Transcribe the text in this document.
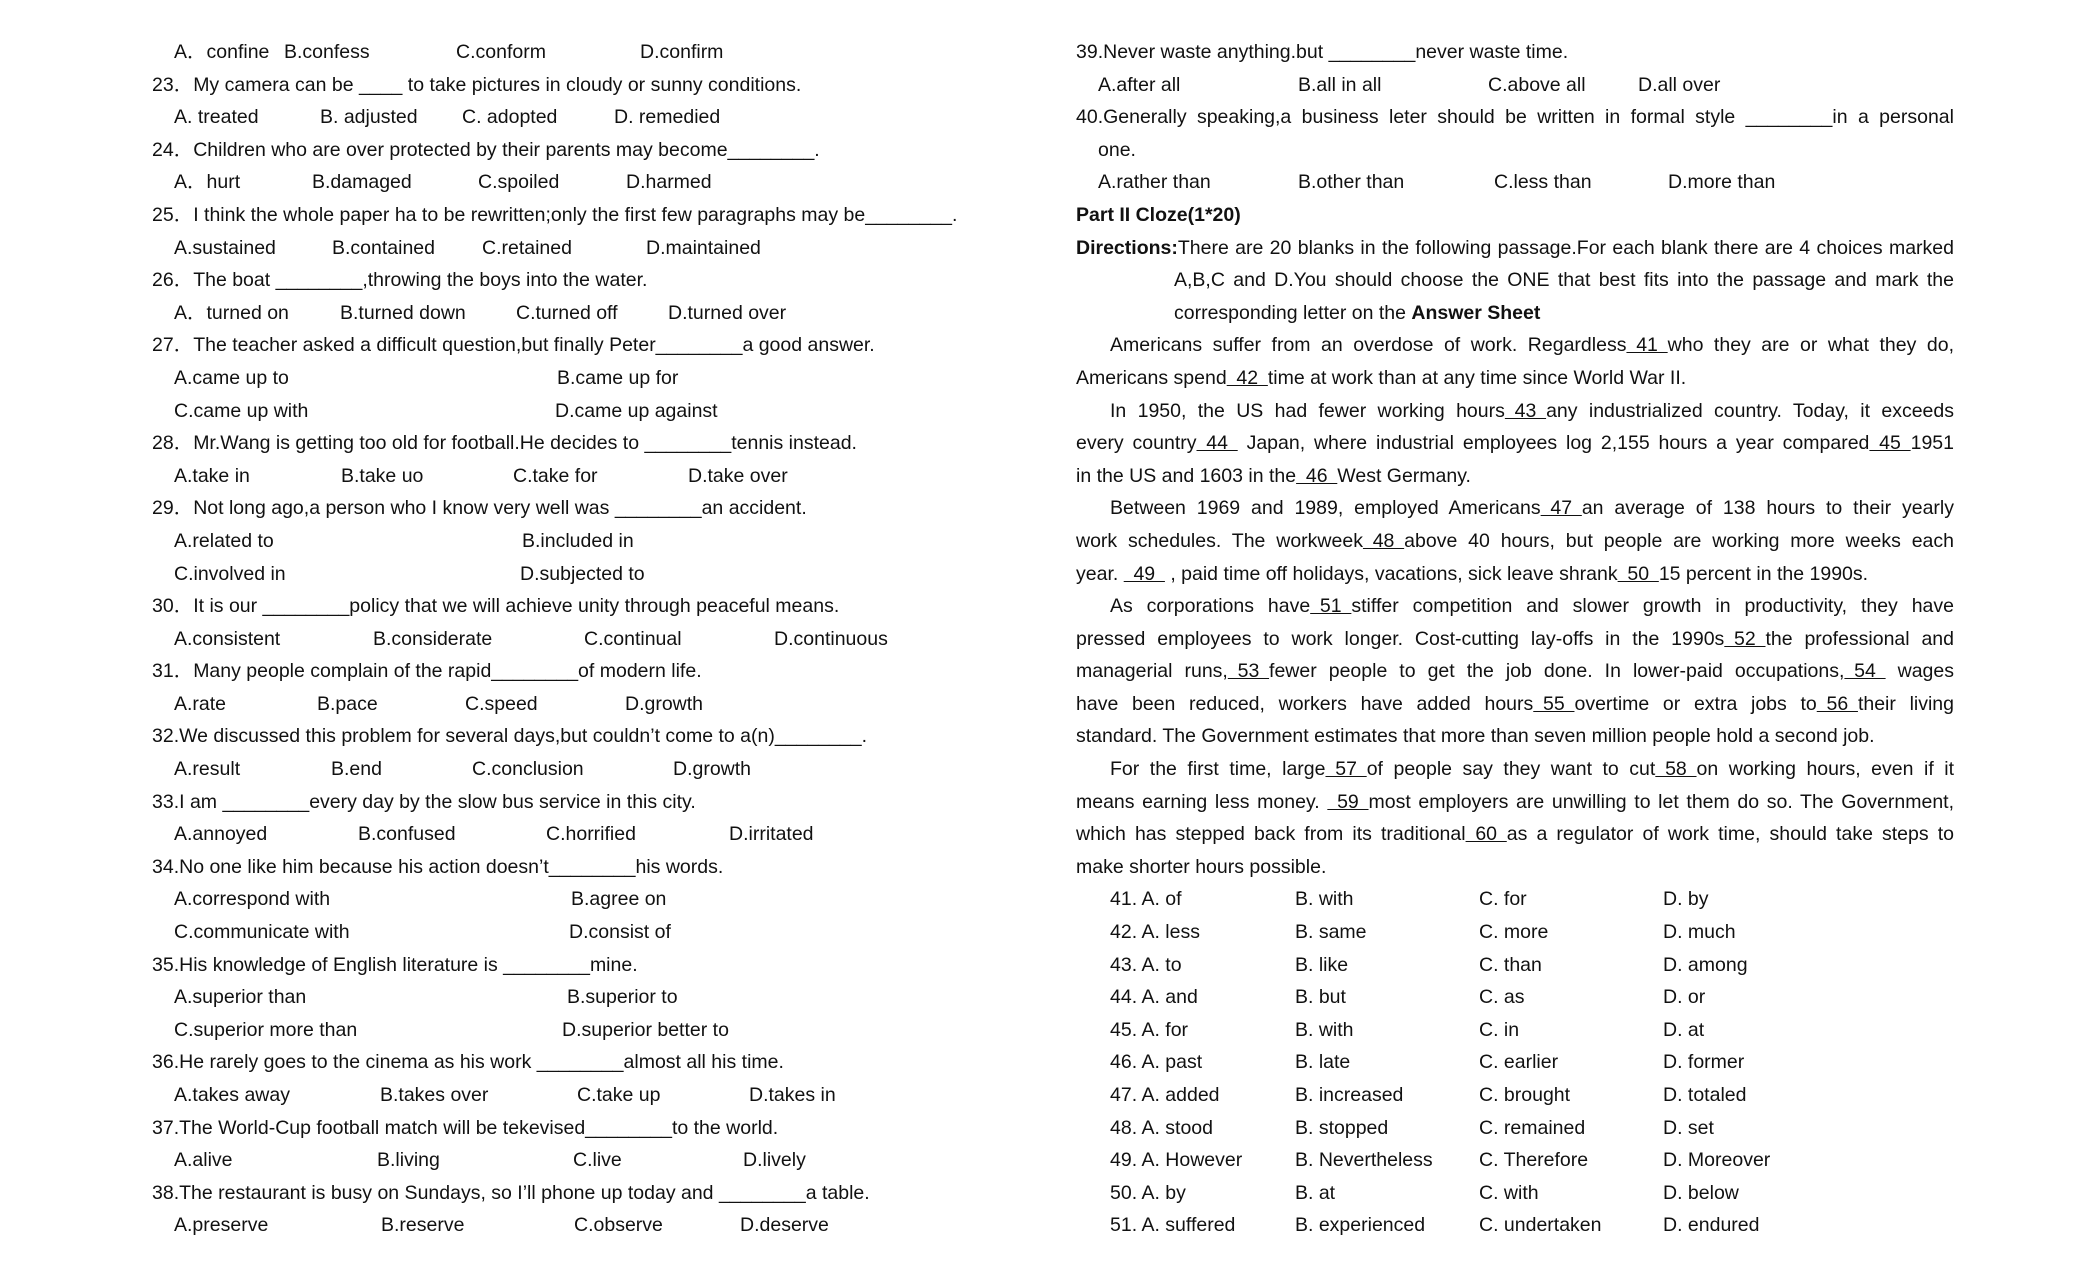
A．confine B.confess	C.conform	D.confirm
23．My camera can be ____ to take pictures in cloudy or sunny conditions.
A. treated	B. adjusted C. adopted	D. remedied
24．Children who are over protected by their parents may become________.
A．hurt	B.damaged	C.spoiled	D.harmed
25．I think the whole paper ha to be rewritten;only the first few paragraphs may be________.
A.sustained	B.contained C.retained	D.maintained
26．The boat ________,throwing the boys into the water.
A．turned on	B.turned down	C.turned off	D.turned over
27．The teacher asked a difficult question,but finally Peter________a good answer.
A.came up to	B.came up for
C.came up with	D.came up against
28．Mr.Wang is getting too old for football.He decides to ________tennis instead.
A.take in	B.take uo	C.take for	D.take over
29．Not long ago,a person who I know very well was ________an accident.
A.related to	B.included in
C.involved in	D.subjected to
30．It is our ________policy that we will achieve unity through peaceful means.
A.consistent	B.considerate	C.continual	D.continuous
31．Many people complain of the rapid________of modern life.
A.rate	B.pace	C.speed	D.growth
32.We discussed this problem for several days,but couldn’t come to a(n)________.
A.result	B.end	C.conclusion	D.growth
33.I am ________every day by the slow bus service in this city.
A.annoyed	B.confused	C.horrified	D.irritated
34.No one like him because his action doesn’t________his words.
A.correspond with	B.agree on
C.communicate with	D.consist of
35.His knowledge of English literature is ________mine.
A.superior than	B.superior to
C.superior more than	D.superior better to
36.He rarely goes to the cinema as his work ________almost all his time.
A.takes away	B.takes over	C.take up	D.takes in
37.The World-Cup football match will be tekevised________to the world.
A.alive	B.living	C.live	D.lively
38.The restaurant is busy on Sundays, so I’ll phone up today and ________a table.
A.preserve	B.reserve	C.observe	D.deserve
39.Never waste anything.but ________never waste time.
A.after all	B.all in all	C.above all	D.all over
40.Generally speaking,a business leter should be written in formal style ________in a personal
one.
A.rather than	B.other than	C.less than	D.more than
Part II Cloze(1*20)
Directions:There are 20 blanks in the following passage.For each blank there are 4 choices marked
A,B,C and D.You should choose the ONE that best fits into the passage and mark the
corresponding letter on the Answer Sheet
Americans suffer from an overdose of work. Regardless 41 who they are or what they do,
Americans spend 42 time at work than at any time since World War II.
In 1950, the US had fewer working hours 43 any industrialized country. Today, it exceeds
every country 44  Japan, where industrial employees log 2,155 hours a year compared 45 1951
in the US and 1603 in the 46 West Germany.
Between 1969 and 1989, employed Americans 47 an average of 138 hours to their yearly
work schedules. The workweek 48 above 40 hours, but people are working more weeks each
year.  49  , paid time off holidays, vacations, sick leave shrank 50 15 percent in the 1990s.
As corporations have 51 stiffer competition and slower growth in productivity, they have
pressed employees to work longer. Cost-cutting lay-offs in the 1990s 52 the professional and
managerial runs, 53 fewer people to get the job done. In lower-paid occupations, 54  wages
have been reduced, workers have added hours 55 overtime or extra jobs to 56 their living
standard. The Government estimates that more than seven million people hold a second job.
For the first time, large 57 of people say they want to cut 58 on working hours, even if it
means earning less money.  59 most employers are unwilling to let them do so. The Government,
which has stepped back from its traditional 60 as a regulator of work time, should take steps to
make shorter hours possible.
41. A. of	B. with	C. for	D. by
42. A. less	B. same	C. more	D. much
43. A. to	B. like	C. than	D. among
44. A. and	B. but	C. as	D. or
45. A. for	B. with	C. in	D. at
46. A. past	B. late	C. earlier	D. former
47. A. added	B. increased	C. brought	D. totaled
48. A. stood	B. stopped	C. remained	D. set
49. A. However	B. Nevertheless C. Therefore	D. Moreover
50. A. by	B. at	C. with	D. below
51. A. suffered	B. experienced	C. undertaken	D. endured
